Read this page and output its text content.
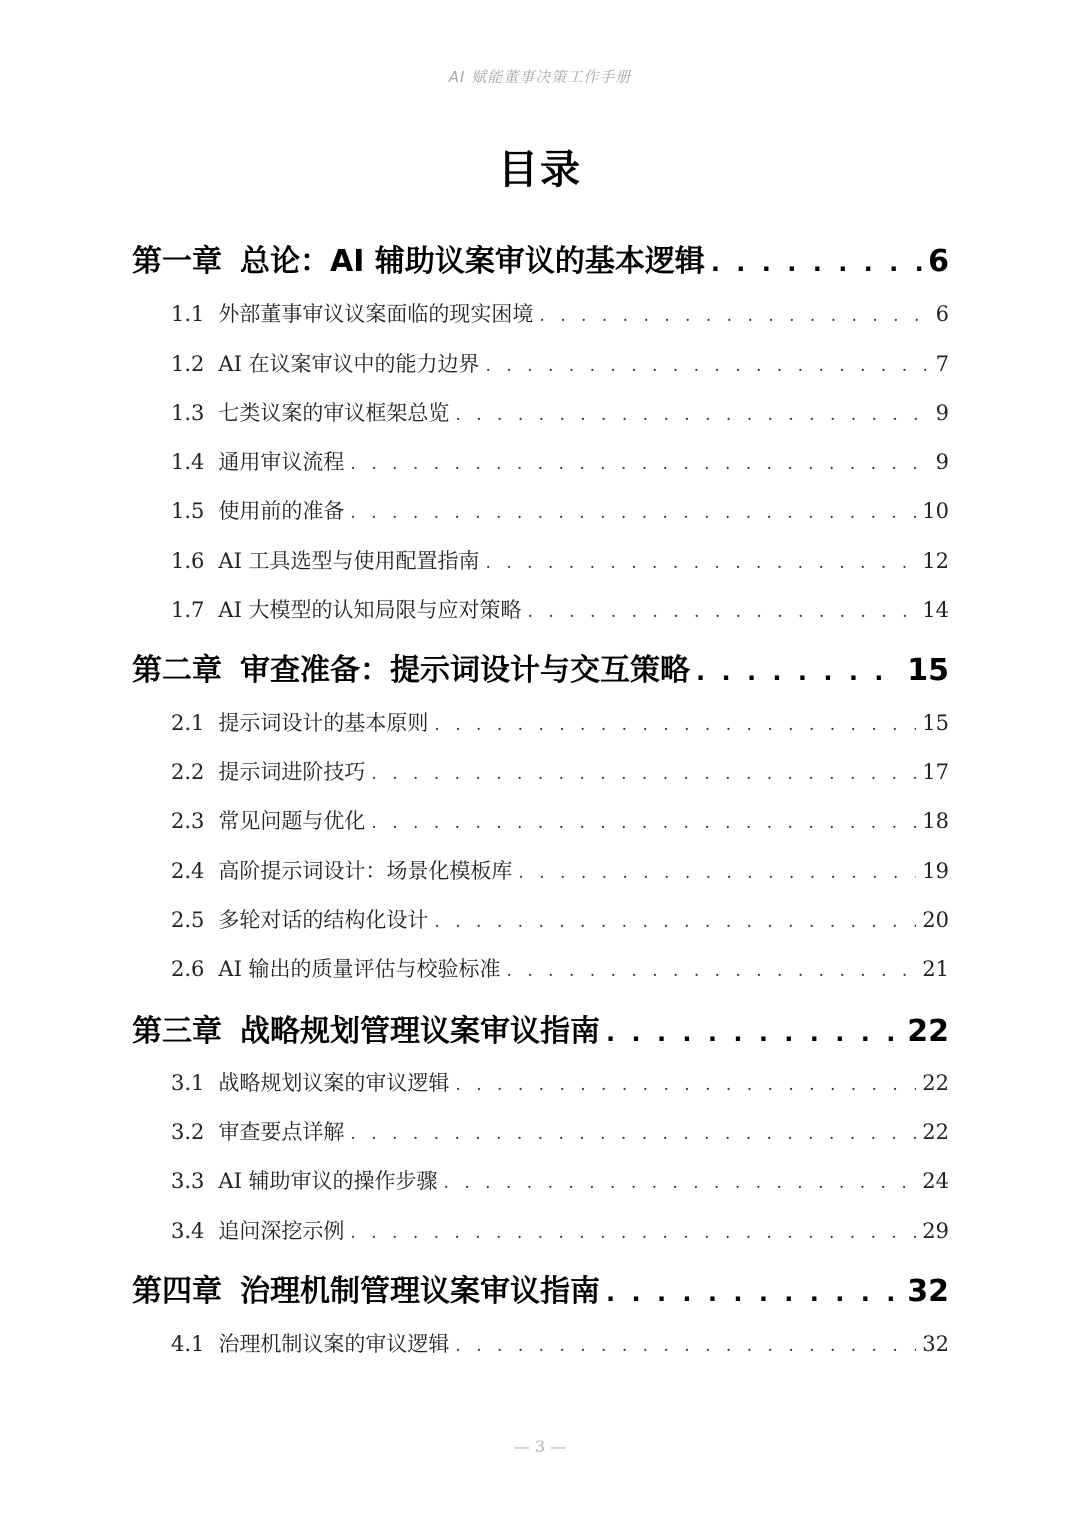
AI 赋能董事决策工作手册
目录
第一章 总论：AI 辅助议案审议的基本逻辑 . . .	6
1.1 外部董事审议议案面临的现实困境 . . .	6
1.2 AI 在议案审议中的能力边界 . . .	7
1.3 七类议案的审议框架总览 . . .	9
1.4 通用审议流程 . . .	9
1.5 使用前的准备 . . .	10
1.6 AI 工具选型与使用配置指南 . . .	12
1.7 AI 大模型的认知局限与应对策略 . . .	14
第二章 审查准备：提示词设计与交互策略 . . .	15
2.1 提示词设计的基本原则 . . .	15
2.2 提示词进阶技巧 . . .	17
2.3 常见问题与优化 . . .	18
2.4 高阶提示词设计：场景化模板库 . . .	19
2.5 多轮对话的结构化设计 . . .	20
2.6 AI 输出的质量评估与校验标准 . . .	21
第三章 战略规划管理议案审议指南 . . .	22
3.1 战略规划议案的审议逻辑 . . .	22
3.2 审查要点详解 . . .	22
3.3 AI 辅助审议的操作步骤 . . .	24
3.4 追问深挖示例 . . .	29
第四章 治理机制管理议案审议指南 . . .	32
4.1 治理机制议案的审议逻辑 . . .	32
— 3 —
